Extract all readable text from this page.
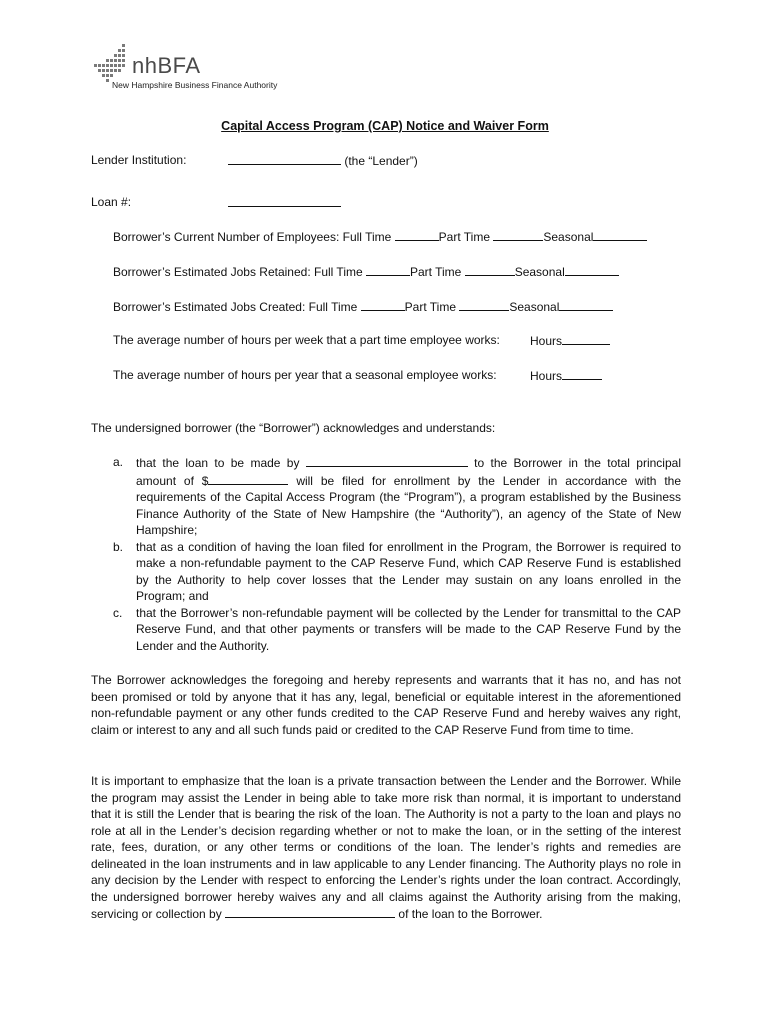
nhBFA
New Hampshire Business Finance Authority
Capital Access Program (CAP) Notice and Waiver Form
Lender Institution:	(the “Lender”)
Loan #:
Borrower’s Current Number of Employees: Full Time	Part Time	Seasonal
Borrower’s Estimated Jobs Retained: Full Time	Part Time	Seasonal
Borrower’s Estimated Jobs Created: Full Time	Part Time	Seasonal
The average number of hours per week that a part time employee works:	Hours
The average number of hours per year that a seasonal employee works:	Hours
The undersigned borrower (the “Borrower”) acknowledges and understands:
a. that the loan to be made by	to the Borrower in the total principal amount of $	will be filed for enrollment by the Lender in accordance with the requirements of the Capital Access Program (the “Program”), a program established by the Business Finance Authority of the State of New Hampshire (the “Authority”), an agency of the State of New Hampshire;
b. that as a condition of having the loan filed for enrollment in the Program, the Borrower is required to make a non-refundable payment to the CAP Reserve Fund, which CAP Reserve Fund is established by the Authority to help cover losses that the Lender may sustain on any loans enrolled in the Program; and
c. that the Borrower’s non-refundable payment will be collected by the Lender for transmittal to the CAP Reserve Fund, and that other payments or transfers will be made to the CAP Reserve Fund by the Lender and the Authority.
The Borrower acknowledges the foregoing and hereby represents and warrants that it has no, and has not been promised or told by anyone that it has any, legal, beneficial or equitable interest in the aforementioned non-refundable payment or any other funds credited to the CAP Reserve Fund and hereby waives any right, claim or interest to any and all such funds paid or credited to the CAP Reserve Fund from time to time.
It is important to emphasize that the loan is a private transaction between the Lender and the Borrower. While the program may assist the Lender in being able to take more risk than normal, it is important to understand that it is still the Lender that is bearing the risk of the loan. The Authority is not a party to the loan and plays no role at all in the Lender’s decision regarding whether or not to make the loan, or in the setting of the interest rate, fees, duration, or any other terms or conditions of the loan. The lender’s rights and remedies are delineated in the loan instruments and in law applicable to any Lender financing. The Authority plays no role in any decision by the Lender with respect to enforcing the Lender’s rights under the loan contract. Accordingly, the undersigned borrower hereby waives any and all claims against the Authority arising from the making, servicing or collection by	of the loan to the Borrower.
